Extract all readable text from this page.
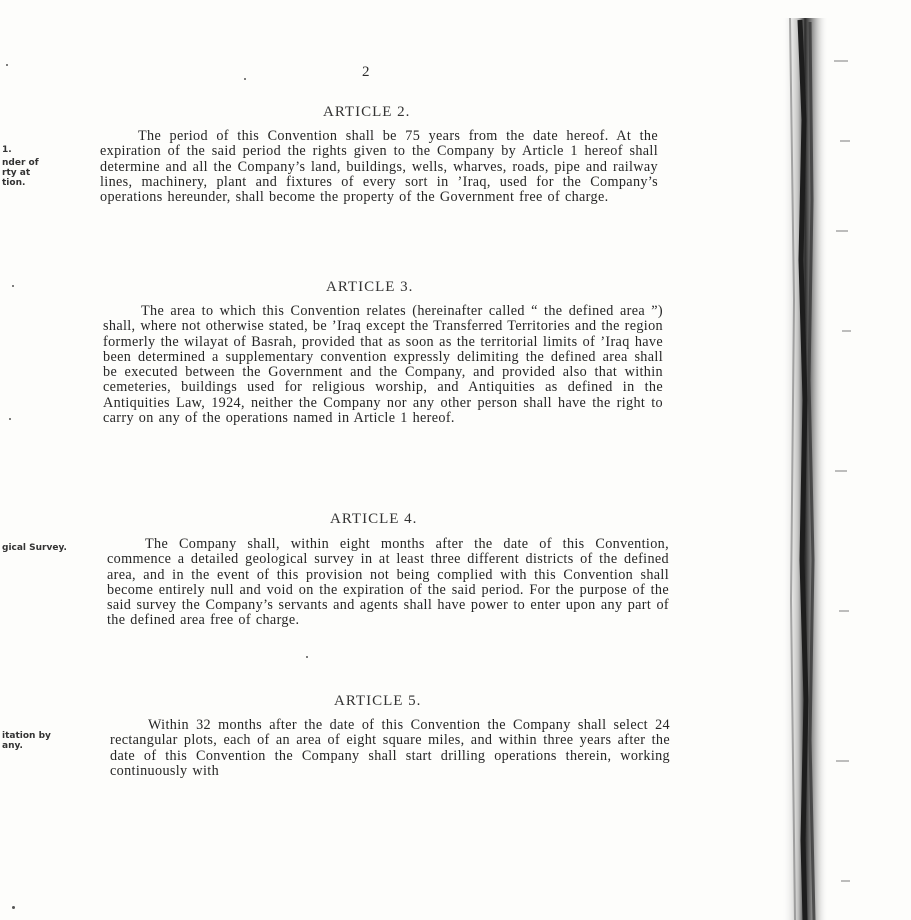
2
1.
nder of
rty at
tion.
gical Survey.
itation by
any.
ARTICLE 2.

The period of this Convention shall be 75 years from the date hereof. At the expiration of the said period the rights given to the Company by Article 1 hereof shall determine and all the Company’s land, buildings, wells, wharves, roads, pipe and railway lines, machinery, plant and fixtures of every sort in ’Iraq, used for the Company’s operations hereunder, shall become the property of the Government free of charge.

ARTICLE 3.

The area to which this Convention relates (hereinafter called “ the defined area ”) shall, where not otherwise stated, be ’Iraq except the Transferred Territories and the region formerly the wilayat of Basrah, provided that as soon as the territorial limits of ’Iraq have been determined a supplementary convention expressly delimiting the defined area shall be executed between the Government and the Company, and provided also that within cemeteries, buildings used for religious worship, and Antiquities as defined in the Antiquities Law, 1924, neither the Company nor any other person shall have the right to carry on any of the operations named in Article 1 hereof.

ARTICLE 4.

The Company shall, within eight months after the date of this Convention, commence a detailed geological survey in at least three different districts of the defined area, and in the event of this provision not being complied with this Convention shall become entirely null and void on the expiration of the said period. For the purpose of the said survey the Company’s servants and agents shall have power to enter upon any part of the defined area free of charge.

ARTICLE 5.

Within 32 months after the date of this Convention the Company shall select 24 rectangular plots, each of an area of eight square miles, and within three years after the date of this Convention the Company shall start drilling operations therein, working continuously with
